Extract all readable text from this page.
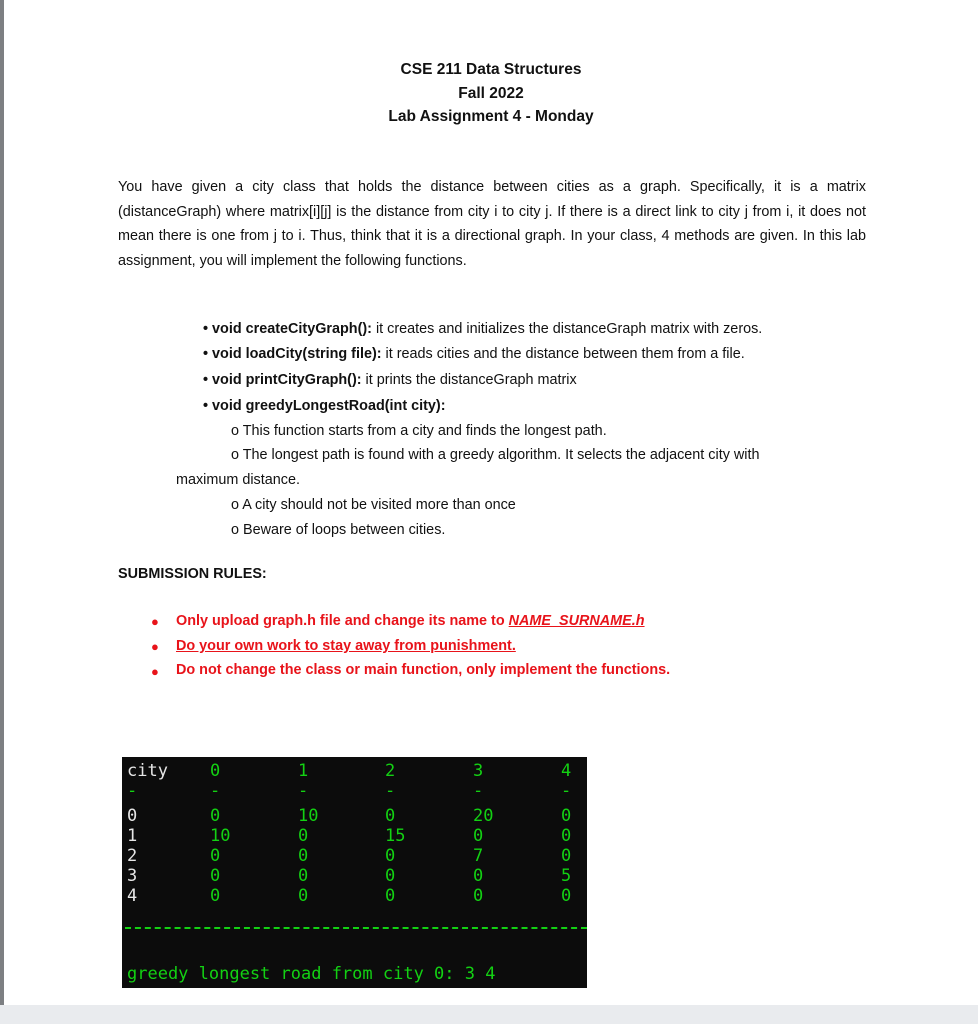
CSE 211 Data Structures
Fall 2022
Lab Assignment 4 - Monday

You have given a city class that holds the distance between cities as a graph. Specifically, it is a matrix (distanceGraph) where matrix[i][j] is the distance from city i to city j. If there is a direct link to city j from i, it does not mean there is one from j to i. Thus, think that it is a directional graph. In your class, 4 methods are given. In this lab assignment, you will implement the following functions.

• void createCityGraph(): it creates and initializes the distanceGraph matrix with zeros.
• void loadCity(string file): it reads cities and the distance between them from a file.
• void printCityGraph(): it prints the distanceGraph matrix
• void greedyLongestRoad(int city):
o This function starts from a city and finds the longest path.
o The longest path is found with a greedy algorithm. It selects the adjacent city with
maximum distance.
o A city should not be visited more than once
o Beware of loops between cities.
SUBMISSION RULES:
● Only upload graph.h file and change its name to NAME_SURNAME.h
● Do your own work to stay away from punishment.
● Do not change the class or main function, only implement the functions.
city 0	1	2	3	4
-	-	-	-	-	-
0	0	10	0	20	0
1	10	0	15	0	0
2	0	0	0	7	0
3	0	0	0	0	5
4	0	0	0	0	0
greedy longest road from city 0: 3 4
